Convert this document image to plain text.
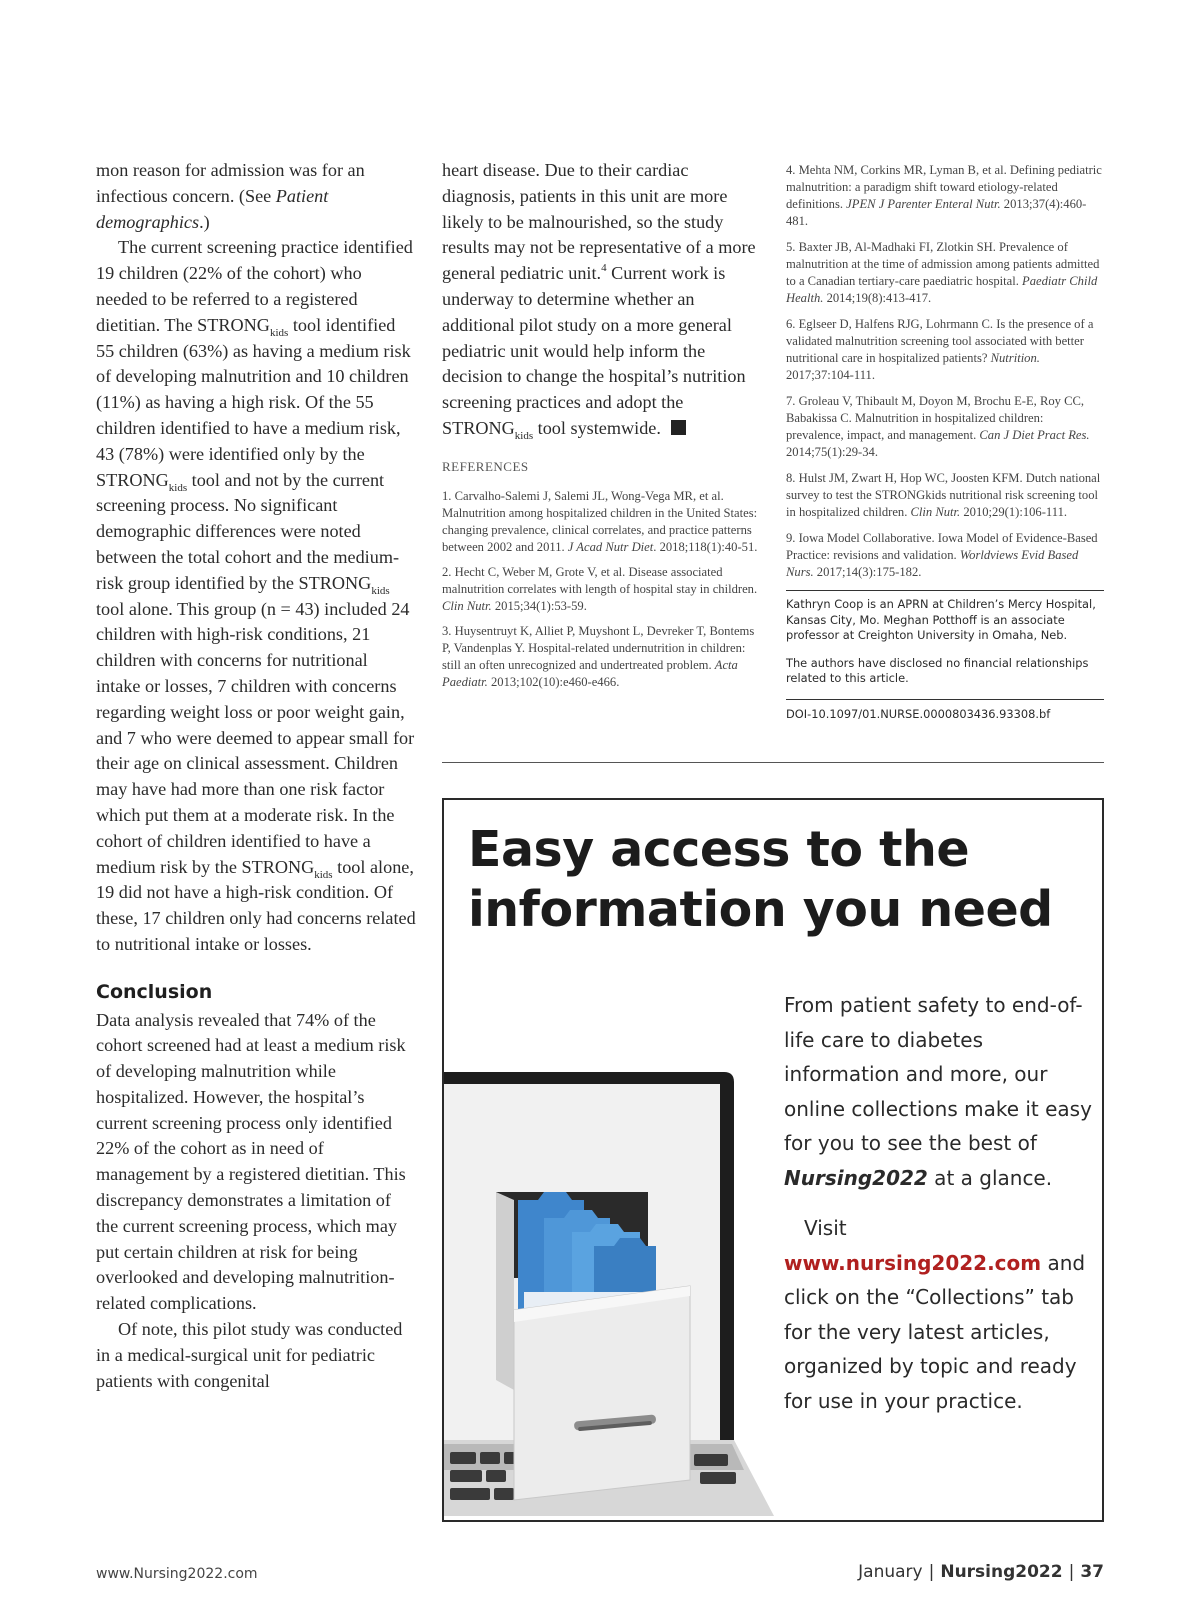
mon reason for admission was for an infectious concern. (See Patient demographics.)

The current screening practice identified 19 children (22% of the cohort) who needed to be referred to a registered dietitian. The $STRONG_{kids}$ tool identified 55 children (63%) as having a medium risk of developing malnutrition and 10 children (11%) as having a high risk. Of the 55 children identified to have a medium risk, 43 (78%) were identified only by the $STRONG_{kids}$ tool and not by the current screening process. No significant demographic differences were noted between the total cohort and the medium-risk group identified by the $STRONG_{kids}$ tool alone. This group (n = 43) included 24 children with high-risk conditions, 21 children with concerns for nutritional intake or losses, 7 children with concerns regarding weight loss or poor weight gain, and 7 who were deemed to appear small for their age on clinical assessment. Children may have had more than one risk factor which put them at a moderate risk. In the cohort of children identified to have a medium risk by the $STRONG_{kids}$ tool alone, 19 did not have a high-risk condition. Of these, 17 children only had concerns related to nutritional intake or losses.

Conclusion

Data analysis revealed that 74% of the cohort screened had at least a medium risk of developing malnutrition while hospitalized. However, the hospital’s current screening process only identified 22% of the cohort as in need of management by a registered dietitian. This discrepancy demonstrates a limitation of the current screening process, which may put certain children at risk for being overlooked and developing malnutrition-related complications.

Of note, this pilot study was conducted in a medical-surgical unit for pediatric patients with congenital

heart disease. Due to their cardiac diagnosis, patients in this unit are more likely to be malnourished, so the study results may not be representative of a more general pediatric unit.$^4$ Current work is underway to determine whether an additional pilot study on a more general pediatric unit would help inform the decision to change the hospital’s nutrition screening practices and adopt the $STRONG_{kids}$ tool systemwide.

REFERENCES
1. Carvalho-Salemi J, Salemi JL, Wong-Vega MR, et al. Malnutrition among hospitalized children in the United States: changing prevalence, clinical correlates, and practice patterns between 2002 and 2011. J Acad Nutr Diet. 2018;118(1):40-51.
2. Hecht C, Weber M, Grote V, et al. Disease associated malnutrition correlates with length of hospital stay in children. Clin Nutr. 2015;34(1):53-59.
3. Huysentruyt K, Alliet P, Muyshont L, Devreker T, Bontems P, Vandenplas Y. Hospital-related undernutrition in children: still an often unrecognized and undertreated problem. Acta Paediatr. 2013;102(10):e460-e466.
4. Mehta NM, Corkins MR, Lyman B, et al. Defining pediatric malnutrition: a paradigm shift toward etiology-related definitions. JPEN J Parenter Enteral Nutr. 2013;37(4):460-481.
5. Baxter JB, Al-Madhaki FI, Zlotkin SH. Prevalence of malnutrition at the time of admission among patients admitted to a Canadian tertiary-care paediatric hospital. Paediatr Child Health. 2014;19(8):413-417.
6. Eglseer D, Halfens RJG, Lohrmann C. Is the presence of a validated malnutrition screening tool associated with better nutritional care in hospitalized patients? Nutrition. 2017;37:104-111.
7. Groleau V, Thibault M, Doyon M, Brochu E-E, Roy CC, Babakissa C. Malnutrition in hospitalized children: prevalence, impact, and management. Can J Diet Pract Res. 2014;75(1):29-34.
8. Hulst JM, Zwart H, Hop WC, Joosten KFM. Dutch national survey to test the STRONGkids nutritional risk screening tool in hospitalized children. Clin Nutr. 2010;29(1):106-111.
9. Iowa Model Collaborative. Iowa Model of Evidence-Based Practice: revisions and validation. Worldviews Evid Based Nurs. 2017;14(3):175-182.

Kathryn Coop is an APRN at Children’s Mercy Hospital, Kansas City, Mo. Meghan Potthoff is an associate professor at Creighton University in Omaha, Neb.

The authors have disclosed no financial relationships related to this article.

DOI-10.1097/01.NURSE.0000803436.93308.bf
Easy access to the information you need

From patient safety to end-of-life care to diabetes information and more, our online collections make it easy for you to see the best of Nursing2022 at a glance.

Visit www.nursing2022.com and click on the “Collections” tab for the very latest articles, organized by topic and ready for use in your practice.

www.Nursing2022.com	January | Nursing2022 | 37
